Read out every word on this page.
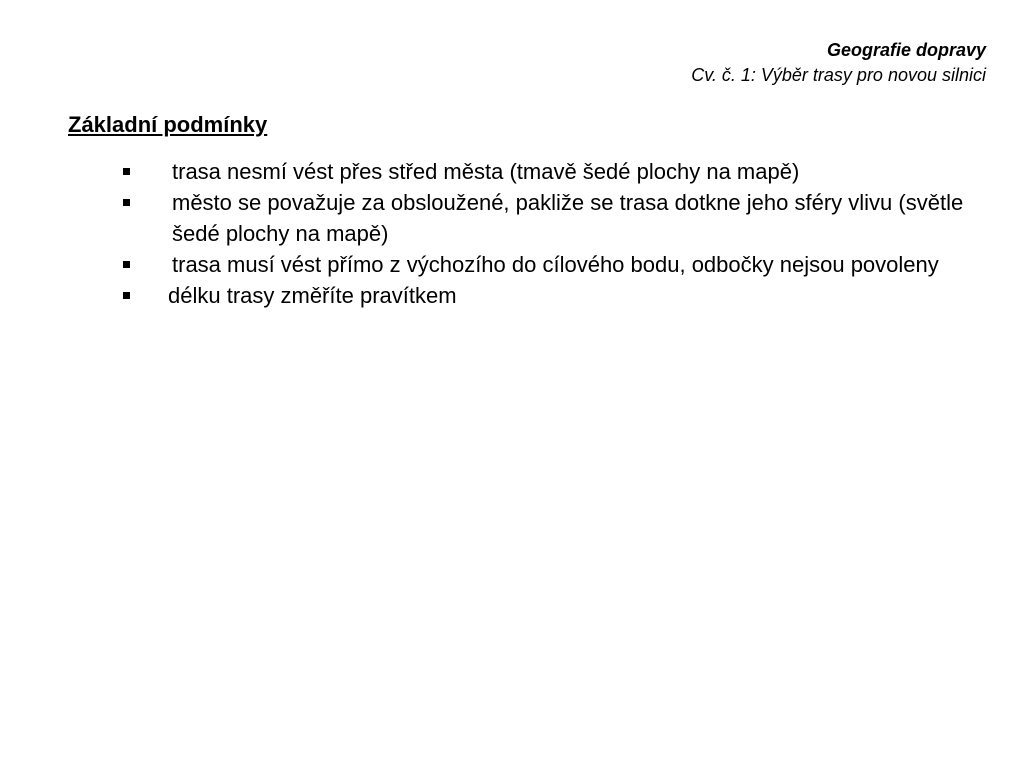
Geografie dopravy
Cv. č. 1: Výběr trasy pro novou silnici
Základní podmínky
trasa nesmí vést přes střed města (tmavě šedé plochy na mapě)
město se považuje za obsloužené, pakliže se trasa dotkne jeho sféry vlivu (světle šedé plochy na mapě)
trasa musí vést přímo z výchozího do cílového bodu, odbočky nejsou povoleny
délku trasy změříte pravítkem
